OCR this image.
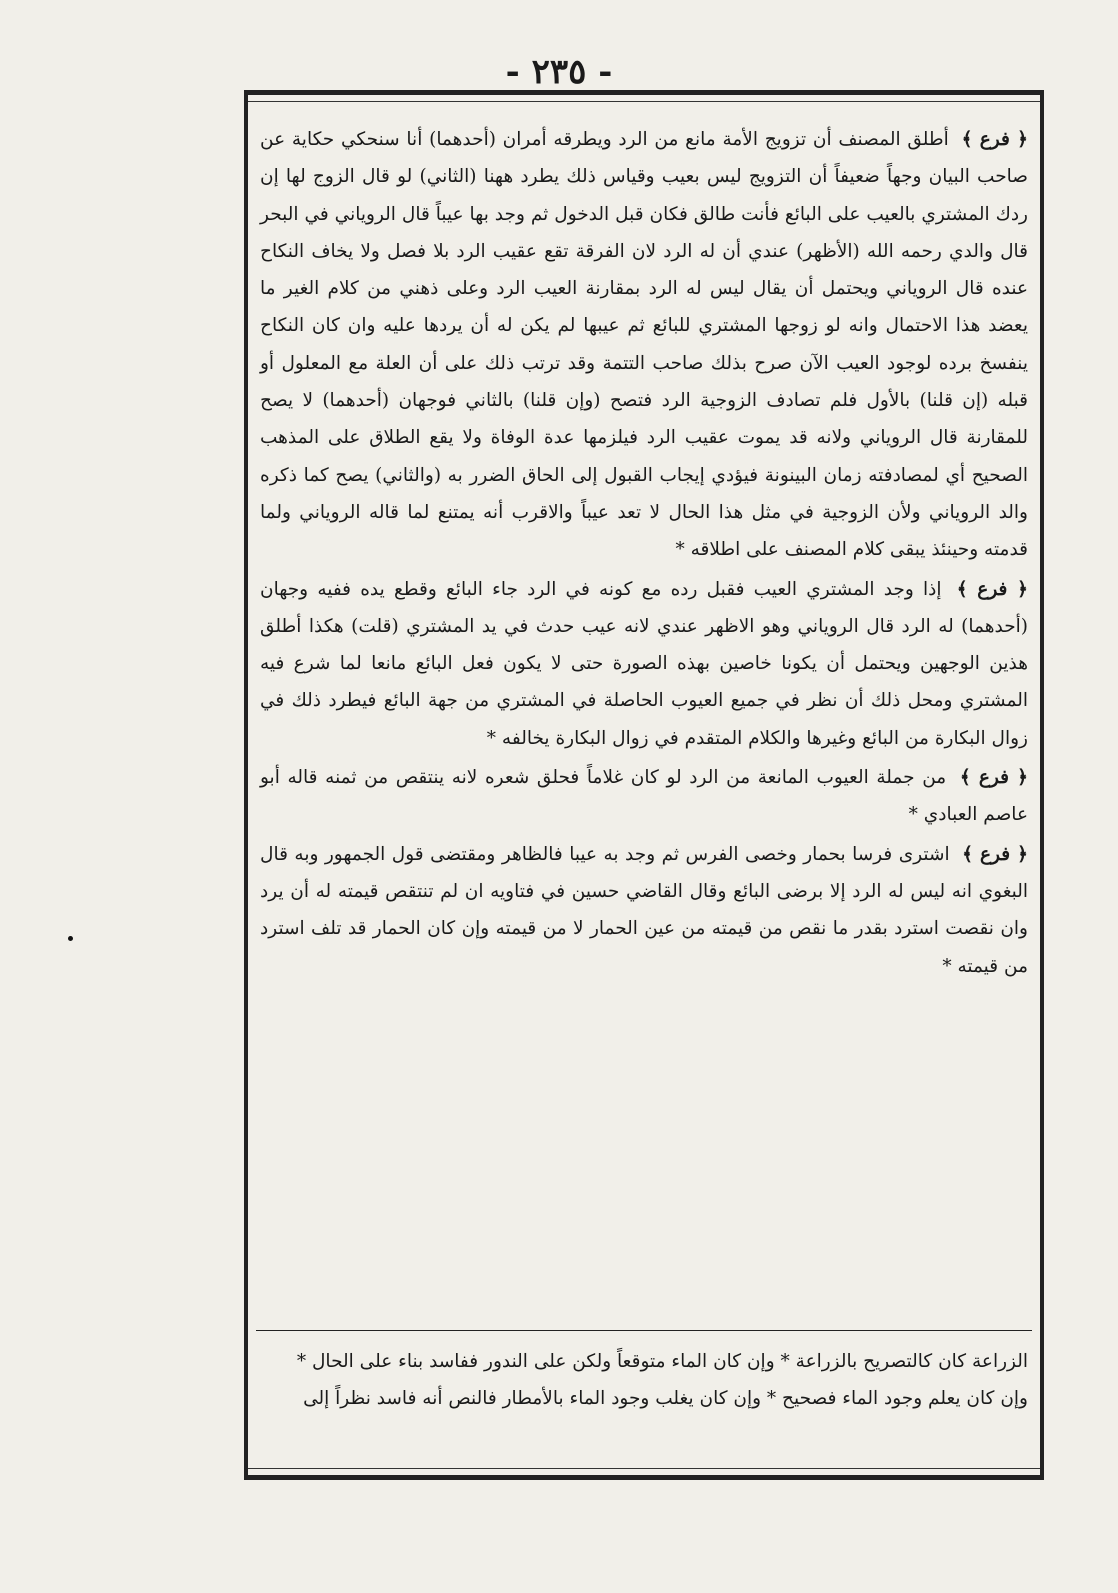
- ٢٣٥ -

﴿ فرع ﴾ أطلق المصنف أن تزويج الأمة مانع من الرد ويطرقه أمران (أحدهما) أنا سنحكي حكاية عن صاحب البيان وجهاً ضعيفاً أن التزويج ليس بعيب وقياس ذلك يطرد ههنا (الثاني) لو قال الزوج لها إن ردك المشتري بالعيب على البائع فأنت طالق فكان قبل الدخول ثم وجد بها عيباً قال الروياني في البحر قال والدي رحمه الله (الأظهر) عندي أن له الرد لان الفرقة تقع عقيب الرد بلا فصل ولا يخاف النكاح عنده قال الروياني ويحتمل أن يقال ليس له الرد بمقارنة العيب الرد وعلى ذهني من كلام الغير ما يعضد هذا الاحتمال وانه لو زوجها المشتري للبائع ثم عيبها لم يكن له أن يردها عليه وان كان النكاح ينفسخ برده لوجود العيب الآن صرح بذلك صاحب التتمة وقد ترتب ذلك على أن العلة مع المعلول أو قبله (إن قلنا) بالأول فلم تصادف الزوجية الرد فتصح (وإن قلنا) بالثاني فوجهان (أحدهما) لا يصح للمقارنة قال الروياني ولانه قد يموت عقيب الرد فيلزمها عدة الوفاة ولا يقع الطلاق على المذهب الصحيح أي لمصادفته زمان البينونة فيؤدي إيجاب القبول إلى الحاق الضرر به (والثاني) يصح كما ذكره والد الروياني ولأن الزوجية في مثل هذا الحال لا تعد عيباً والاقرب أنه يمتنع لما قاله الروياني ولما قدمته وحينئذ يبقى كلام المصنف على اطلاقه *

﴿ فرع ﴾ إذا وجد المشتري العيب فقبل رده مع كونه في الرد جاء البائع وقطع يده ففيه وجهان (أحدهما) له الرد قال الروياني وهو الاظهر عندي لانه عيب حدث في يد المشتري (قلت) هكذا أطلق هذين الوجهين ويحتمل أن يكونا خاصين بهذه الصورة حتى لا يكون فعل البائع مانعا لما شرع فيه المشتري ومحل ذلك أن نظر في جميع العيوب الحاصلة في المشتري من جهة البائع فيطرد ذلك في زوال البكارة من البائع وغيرها والكلام المتقدم في زوال البكارة يخالفه *

﴿ فرع ﴾ من جملة العيوب المانعة من الرد لو كان غلاماً فحلق شعره لانه ينتقص من ثمنه قاله أبو عاصم العبادي *

﴿ فرع ﴾ اشترى فرسا بحمار وخصى الفرس ثم وجد به عيبا فالظاهر ومقتضى قول الجمهور وبه قال البغوي انه ليس له الرد إلا برضى البائع وقال القاضي حسين في فتاويه ان لم تنتقص قيمته له أن يرد وان نقصت استرد بقدر ما نقص من قيمته من عين الحمار لا من قيمته وإن كان الحمار قد تلف استرد من قيمته *

الزراعة كان كالتصريح بالزراعة * وإن كان الماء متوقعاً ولكن على الندور ففاسد بناء على الحال *

وإن كان يعلم وجود الماء فصحيح * وإن كان يغلب وجود الماء بالأمطار فالنص أنه فاسد نظراً إلى
